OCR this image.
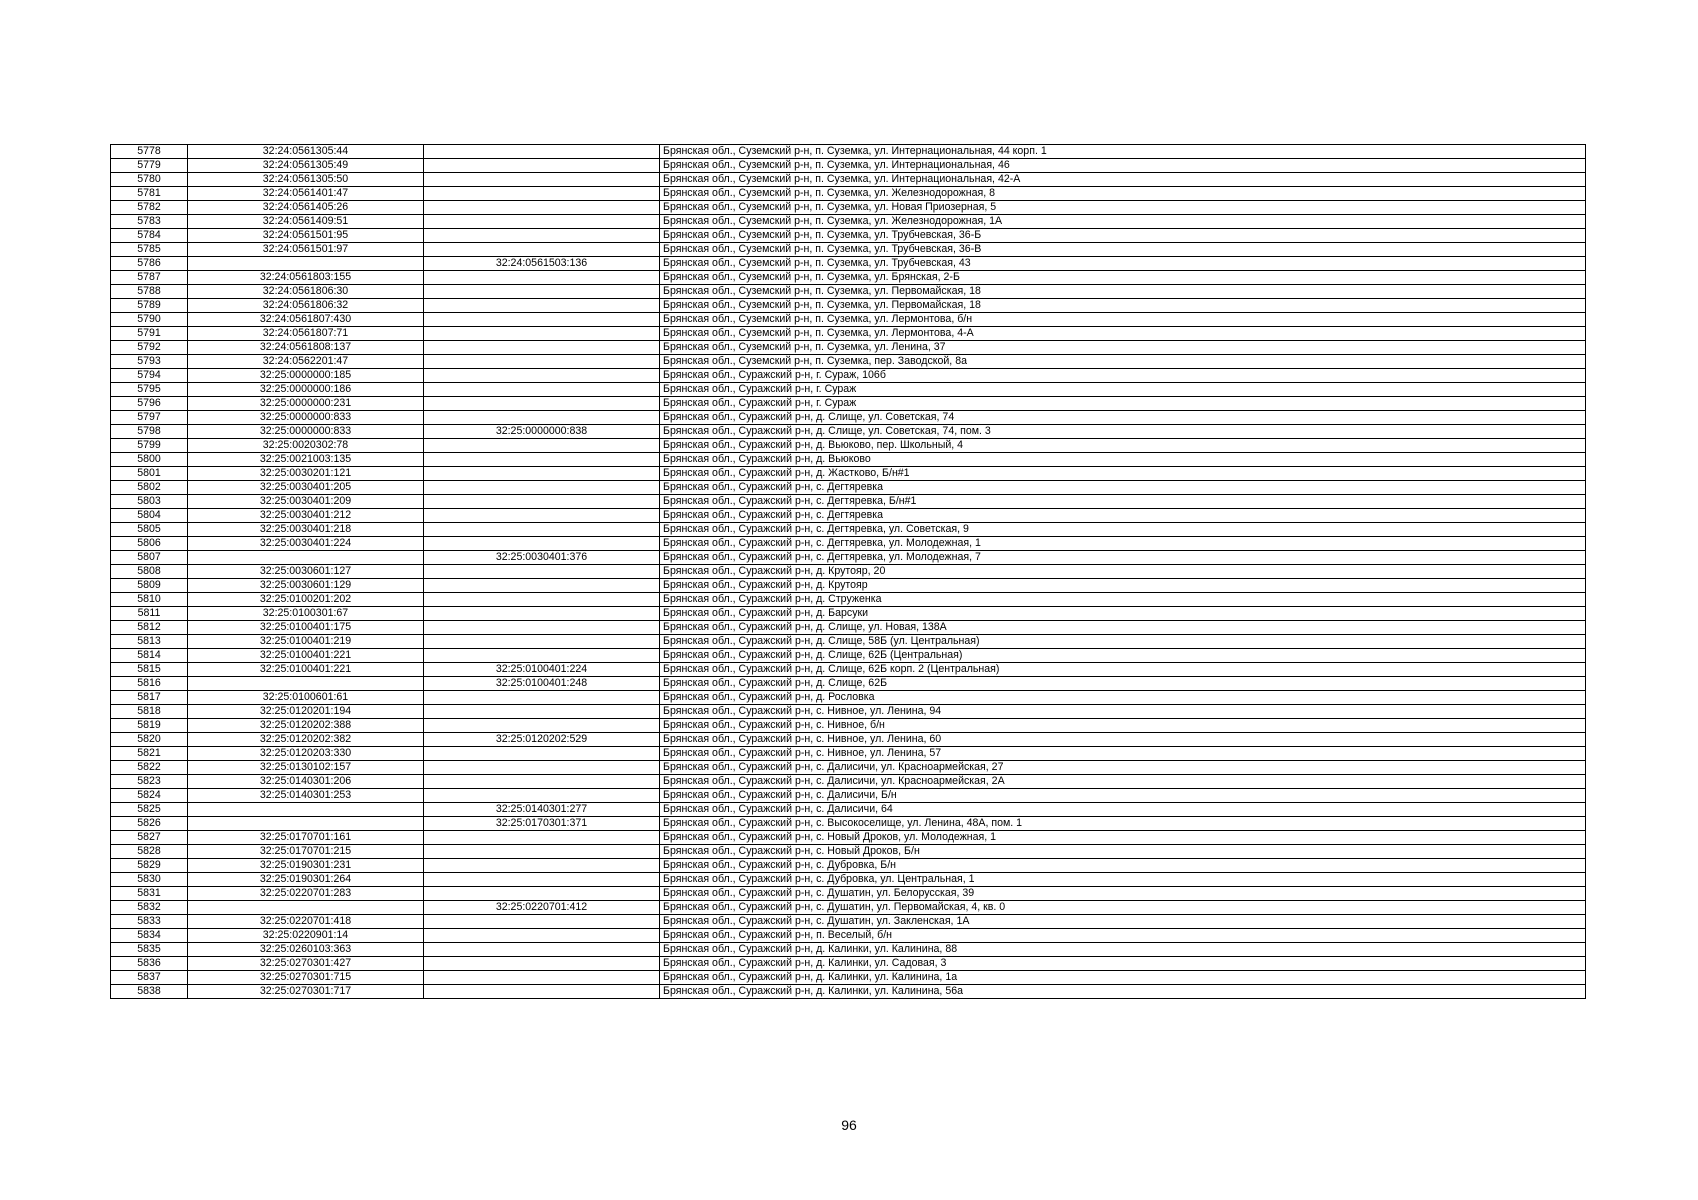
5778	32:24:0561305:44		Брянская обл., Суземский р-н, п. Суземка, ул. Интернациональная, 44 корп. 1
5779	32:24:0561305:49		Брянская обл., Суземский р-н, п. Суземка, ул. Интернациональная, 46
5780	32:24:0561305:50		Брянская обл., Суземский р-н, п. Суземка, ул. Интернациональная, 42-А
5781	32:24:0561401:47		Брянская обл., Суземский р-н, п. Суземка, ул. Железнодорожная, 8
5782	32:24:0561405:26		Брянская обл., Суземский р-н, п. Суземка, ул. Новая Приозерная, 5
5783	32:24:0561409:51		Брянская обл., Суземский р-н, п. Суземка, ул. Железнодорожная, 1А
5784	32:24:0561501:95		Брянская обл., Суземский р-н, п. Суземка, ул. Трубчевская, 36-Б
5785	32:24:0561501:97		Брянская обл., Суземский р-н, п. Суземка, ул. Трубчевская, 36-В
5786		32:24:0561503:136	Брянская обл., Суземский р-н, п. Суземка, ул. Трубчевская, 43
5787	32:24:0561803:155		Брянская обл., Суземский р-н, п. Суземка, ул. Брянская, 2-Б
5788	32:24:0561806:30		Брянская обл., Суземский р-н, п. Суземка, ул. Первомайская, 18
5789	32:24:0561806:32		Брянская обл., Суземский р-н, п. Суземка, ул. Первомайская, 18
5790	32:24:0561807:430		Брянская обл., Суземский р-н, п. Суземка, ул. Лермонтова, б/н
5791	32:24:0561807:71		Брянская обл., Суземский р-н, п. Суземка, ул. Лермонтова, 4-А
5792	32:24:0561808:137		Брянская обл., Суземский р-н, п. Суземка, ул. Ленина, 37
5793	32:24:0562201:47		Брянская обл., Суземский р-н, п. Суземка, пер. Заводской, 8а
5794	32:25:0000000:185		Брянская обл., Суражский р-н, г. Сураж, 106б
5795	32:25:0000000:186		Брянская обл., Суражский р-н, г. Сураж
5796	32:25:0000000:231		Брянская обл., Суражский р-н, г. Сураж
5797	32:25:0000000:833		Брянская обл., Суражский р-н, д. Слище, ул. Советская, 74
5798	32:25:0000000:833	32:25:0000000:838	Брянская обл., Суражский р-н, д. Слище, ул. Советская, 74, пом. 3
5799	32:25:0020302:78		Брянская обл., Суражский р-н, д. Вьюково, пер. Школьный, 4
5800	32:25:0021003:135		Брянская обл., Суражский р-н, д. Вьюково
5801	32:25:0030201:121		Брянская обл., Суражский р-н, д. Жастково, Б/н#1
5802	32:25:0030401:205		Брянская обл., Суражский р-н, с. Дегтяревка
5803	32:25:0030401:209		Брянская обл., Суражский р-н, с. Дегтяревка, Б/н#1
5804	32:25:0030401:212		Брянская обл., Суражский р-н, с. Дегтяревка
5805	32:25:0030401:218		Брянская обл., Суражский р-н, с. Дегтяревка, ул. Советская, 9
5806	32:25:0030401:224		Брянская обл., Суражский р-н, с. Дегтяревка, ул. Молодежная, 1
5807		32:25:0030401:376	Брянская обл., Суражский р-н, с. Дегтяревка, ул. Молодежная, 7
5808	32:25:0030601:127		Брянская обл., Суражский р-н, д. Крутояр, 20
5809	32:25:0030601:129		Брянская обл., Суражский р-н, д. Крутояр
5810	32:25:0100201:202		Брянская обл., Суражский р-н, д. Струженка
5811	32:25:0100301:67		Брянская обл., Суражский р-н, д. Барсуки
5812	32:25:0100401:175		Брянская обл., Суражский р-н, д. Слище, ул. Новая, 138А
5813	32:25:0100401:219		Брянская обл., Суражский р-н, д. Слище, 58Б (ул. Центральная)
5814	32:25:0100401:221		Брянская обл., Суражский р-н, д. Слище, 62Б (Центральная)
5815	32:25:0100401:221	32:25:0100401:224	Брянская обл., Суражский р-н, д. Слище, 62Б корп. 2 (Центральная)
5816		32:25:0100401:248	Брянская обл., Суражский р-н, д. Слище, 62Б
5817	32:25:0100601:61		Брянская обл., Суражский р-н, д. Рословка
5818	32:25:0120201:194		Брянская обл., Суражский р-н, с. Нивное, ул. Ленина, 94
5819	32:25:0120202:388		Брянская обл., Суражский р-н, с. Нивное, б/н
5820	32:25:0120202:382	32:25:0120202:529	Брянская обл., Суражский р-н, с. Нивное, ул. Ленина, 60
5821	32:25:0120203:330		Брянская обл., Суражский р-н, с. Нивное, ул. Ленина, 57
5822	32:25:0130102:157		Брянская обл., Суражский р-н, с. Далисичи, ул. Красноармейская, 27
5823	32:25:0140301:206		Брянская обл., Суражский р-н, с. Далисичи, ул. Красноармейская, 2А
5824	32:25:0140301:253		Брянская обл., Суражский р-н, с. Далисичи, Б/н
5825		32:25:0140301:277	Брянская обл., Суражский р-н, с. Далисичи, 64
5826		32:25:0170301:371	Брянская обл., Суражский р-н, с. Высокоселище, ул. Ленина, 48А, пом. 1
5827	32:25:0170701:161		Брянская обл., Суражский р-н, с. Новый Дроков, ул. Молодежная, 1
5828	32:25:0170701:215		Брянская обл., Суражский р-н, с. Новый Дроков, Б/н
5829	32:25:0190301:231		Брянская обл., Суражский р-н, с. Дубровка, Б/н
5830	32:25:0190301:264		Брянская обл., Суражский р-н, с. Дубровка, ул. Центральная, 1
5831	32:25:0220701:283		Брянская обл., Суражский р-н, с. Душатин, ул. Белорусская, 39
5832		32:25:0220701:412	Брянская обл., Суражский р-н, с. Душатин, ул. Первомайская, 4, кв. 0
5833	32:25:0220701:418		Брянская обл., Суражский р-н, с. Душатин, ул. Закленская, 1А
5834	32:25:0220901:14		Брянская обл., Суражский р-н, п. Веселый, б/н
5835	32:25:0260103:363		Брянская обл., Суражский р-н, д. Калинки, ул. Калинина, 88
5836	32:25:0270301:427		Брянская обл., Суражский р-н, д. Калинки, ул. Садовая, 3
5837	32:25:0270301:715		Брянская обл., Суражский р-н, д. Калинки, ул. Калинина, 1а
5838	32:25:0270301:717		Брянская обл., Суражский р-н, д. Калинки, ул. Калинина, 56а
96
